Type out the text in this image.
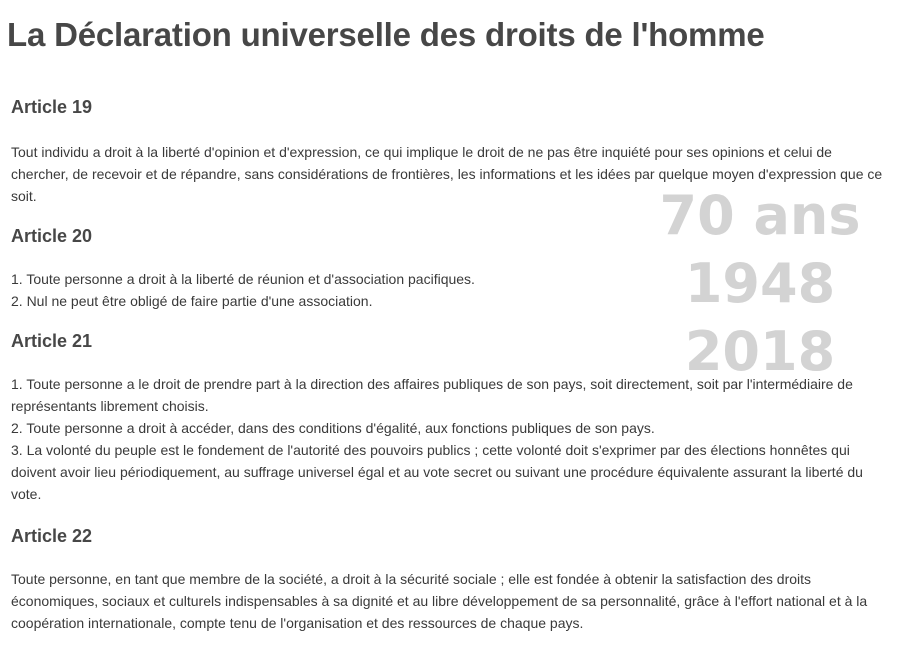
La Déclaration universelle des droits de l'homme
70 ans
1948
2018
Article 19
Tout individu a droit à la liberté d'opinion et d'expression, ce qui implique le droit de ne pas être inquiété pour ses opinions et celui de chercher, de recevoir et de répandre, sans considérations de frontières, les informations et les idées par quelque moyen d'expression que ce soit.
Article 20
1. Toute personne a droit à la liberté de réunion et d'association pacifiques.
2. Nul ne peut être obligé de faire partie d'une association.
Article 21
1. Toute personne a le droit de prendre part à la direction des affaires publiques de son pays, soit directement, soit par l'intermédiaire de représentants librement choisis.
2. Toute personne a droit à accéder, dans des conditions d'égalité, aux fonctions publiques de son pays.
3. La volonté du peuple est le fondement de l'autorité des pouvoirs publics ; cette volonté doit s'exprimer par des élections honnêtes qui doivent avoir lieu périodiquement, au suffrage universel égal et au vote secret ou suivant une procédure équivalente assurant la liberté du vote.
Article 22
Toute personne, en tant que membre de la société, a droit à la sécurité sociale ; elle est fondée à obtenir la satisfaction des droits économiques, sociaux et culturels indispensables à sa dignité et au libre développement de sa personnalité, grâce à l'effort national et à la coopération internationale, compte tenu de l'organisation et des ressources de chaque pays.
